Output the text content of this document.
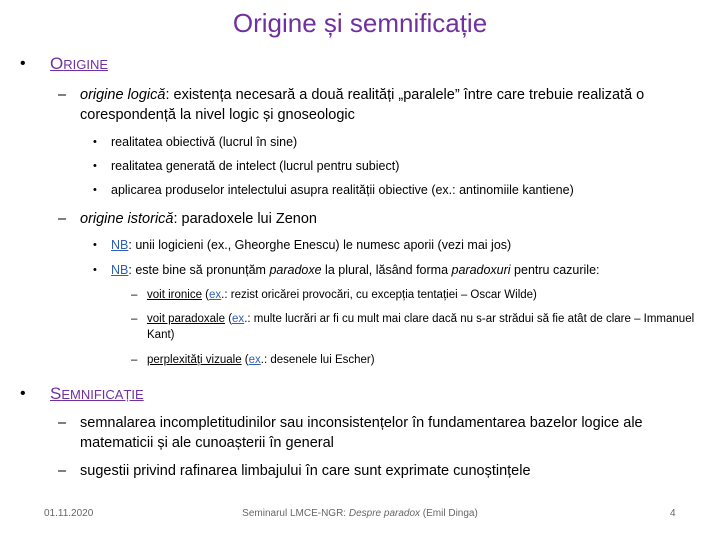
Origine și semnificație
• ORIGINE
– origine logică: existența necesară a două realități „paralele” între care trebuie realizată o corespondență la nivel logic și gnoseologic
• realitatea obiectivă (lucrul în sine)
• realitatea generată de intelect (lucrul pentru subiect)
• aplicarea produselor intelectului asupra realității obiective (ex.: antinomiile kantiene)
– origine istorică: paradoxele lui Zenon
• NB: unii logicieni (ex., Gheorghe Enescu) le numesc aporii (vezi mai jos)
• NB: este bine să pronunțăm paradoxe la plural, lăsând forma paradoxuri pentru cazurile:
– voit ironice (ex.: rezist oricărei provocări, cu excepția tentației – Oscar Wilde)
– voit paradoxale (ex.: multe lucrări ar fi cu mult mai clare dacă nu s-ar strădui să fie atât de clare – Immanuel Kant)
– perplexități vizuale (ex.: desenele lui Escher)
• SEMNIFICAȚIE
– semnalarea incompletitudinilor sau inconsistențelor în fundamentarea bazelor logice ale matematicii și ale cunoașterii în general
– sugestii privind rafinarea limbajului în care sunt exprimate cunoștințele
01.11.2020	Seminarul LMCE-NGR: Despre paradox (Emil Dinga)	4
